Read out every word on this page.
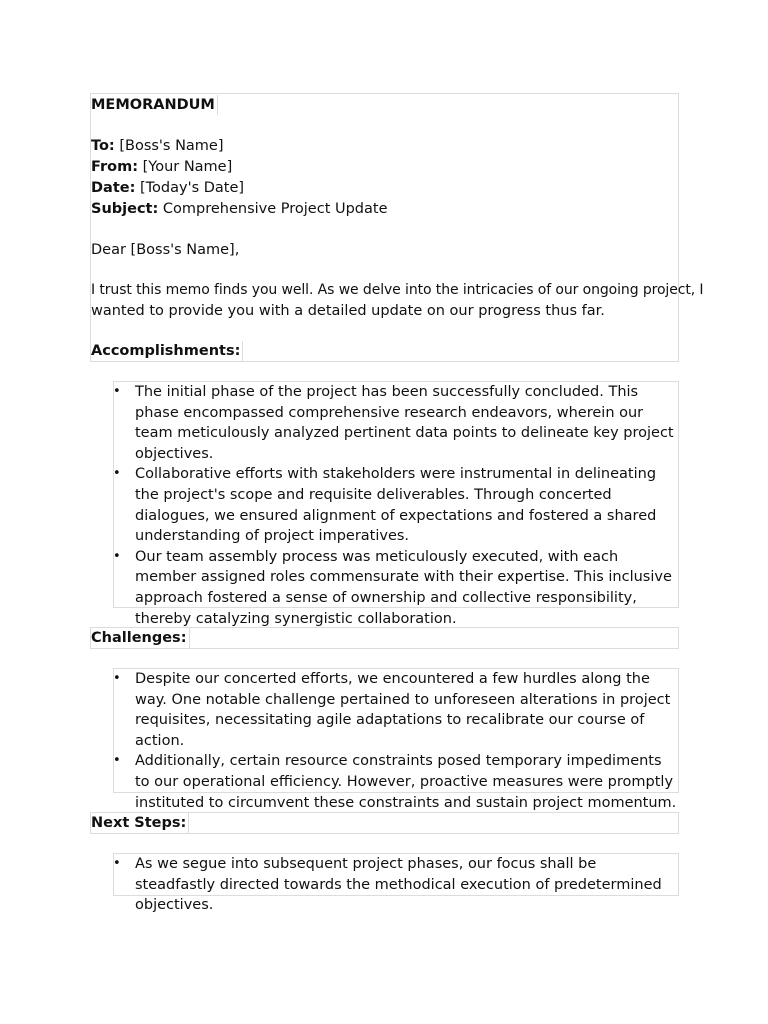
MEMORANDUM
To: [Boss's Name]
From: [Your Name]
Date: [Today's Date]
Subject: Comprehensive Project Update
Dear [Boss's Name],
I trust this memo finds you well. As we delve into the intricacies of our ongoing project, I
wanted to provide you with a detailed update on our progress thus far.
Accomplishments:
• The initial phase of the project has been successfully concluded. This phase encompassed comprehensive research endeavors, wherein our team meticulously analyzed pertinent data points to delineate key project objectives.
• Collaborative efforts with stakeholders were instrumental in delineating the project's scope and requisite deliverables. Through concerted dialogues, we ensured alignment of expectations and fostered a shared understanding of project imperatives.
• Our team assembly process was meticulously executed, with each member assigned roles commensurate with their expertise. This inclusive approach fostered a sense of ownership and collective responsibility, thereby catalyzing synergistic collaboration.
Challenges:
• Despite our concerted efforts, we encountered a few hurdles along the way. One notable challenge pertained to unforeseen alterations in project requisites, necessitating agile adaptations to recalibrate our course of action.
• Additionally, certain resource constraints posed temporary impediments to our operational efficiency. However, proactive measures were promptly instituted to circumvent these constraints and sustain project momentum.
Next Steps:
• As we segue into subsequent project phases, our focus shall be steadfastly directed towards the methodical execution of predetermined objectives.
